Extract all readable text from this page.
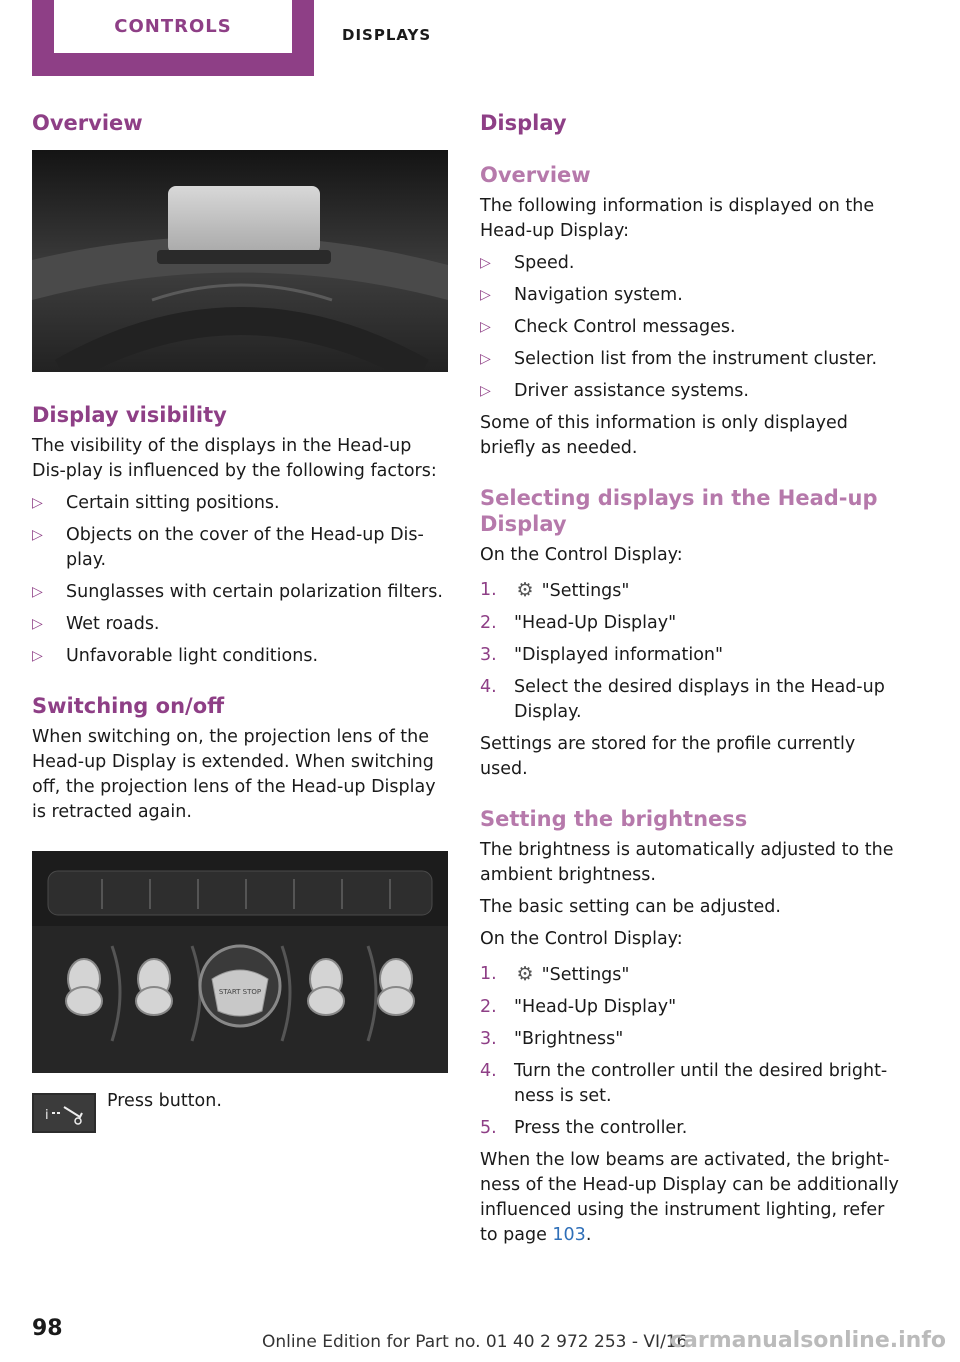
CONTROLS	DISPLAYS
Overview
Display visibility

The visibility of the displays in the Head-up Dis-play is influenced by the following factors:

▷ Certain sitting positions.
▷ Objects on the cover of the Head-up Dis-play.
▷ Sunglasses with certain polarization filters.
▷ Wet roads.
▷ Unfavorable light conditions.
Switching on/off

When switching on, the projection lens of the Head-up Display is extended. When switching off, the projection lens of the Head-up Display is retracted again.

START STOP
i

Press button.

Display
Overview

The following information is displayed on the Head-up Display:

▷ Speed.
▷ Navigation system.
▷ Check Control messages.
▷ Selection list from the instrument cluster.
▷ Driver assistance systems.

Some of this information is only displayed briefly as needed.

Selecting displays in the Head-up Display

On the Control Display:

1. ⚙ "Settings"
2. "Head-Up Display"
3. "Displayed information"
4. Select the desired displays in the Head-up Display.

Settings are stored for the profile currently used.

Setting the brightness

The brightness is automatically adjusted to the ambient brightness.

The basic setting can be adjusted.

On the Control Display:

1. ⚙ "Settings"
2. "Head-Up Display"
3. "Brightness"
4. Turn the controller until the desired bright-ness is set.
5. Press the controller.

When the low beams are activated, the bright-ness of the Head-up Display can be additionally influenced using the instrument lighting, refer to page 103.

98
Online Edition for Part no. 01 40 2 972 253 - VI/16
carmanualsonline.info
